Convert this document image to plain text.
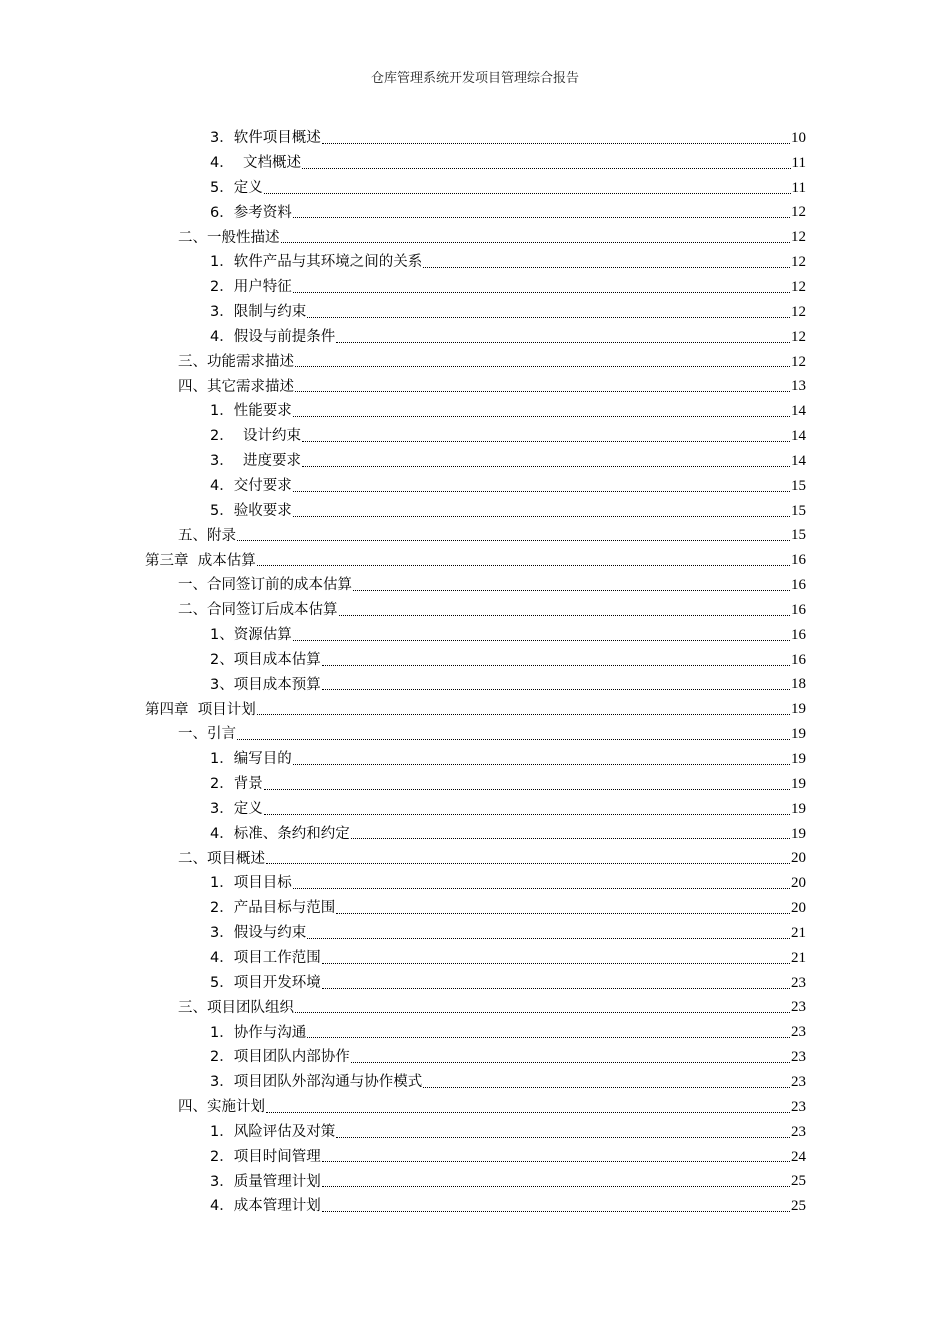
仓库管理系统开发项目管理综合报告
3．软件项目概述	10
4．  文档概述	11
5．定义	11
6．参考资料	12
二、一般性描述	12
1．软件产品与其环境之间的关系	12
2．用户特征	12
3．限制与约束	12
4．假设与前提条件	12
三、功能需求描述	12
四、其它需求描述	13
1．性能要求	14
2．  设计约束	14
3．  进度要求	14
4．交付要求	15
5．验收要求	15
五、附录	15
第三章  成本估算	16
一、合同签订前的成本估算	16
二、合同签订后成本估算	16
1、资源估算	16
2、项目成本估算	16
3、项目成本预算	18
第四章  项目计划	19
一、引言	19
1．编写目的	19
2．背景	19
3．定义	19
4．标准、条约和约定	19
二、项目概述	20
1．项目目标	20
2．产品目标与范围	20
3．假设与约束	21
4．项目工作范围	21
5．项目开发环境	23
三、项目团队组织	23
1．协作与沟通	23
2．项目团队内部协作	23
3．项目团队外部沟通与协作模式	23
四、实施计划	23
1．风险评估及对策	23
2．项目时间管理	24
3．质量管理计划	25
4．成本管理计划	25
